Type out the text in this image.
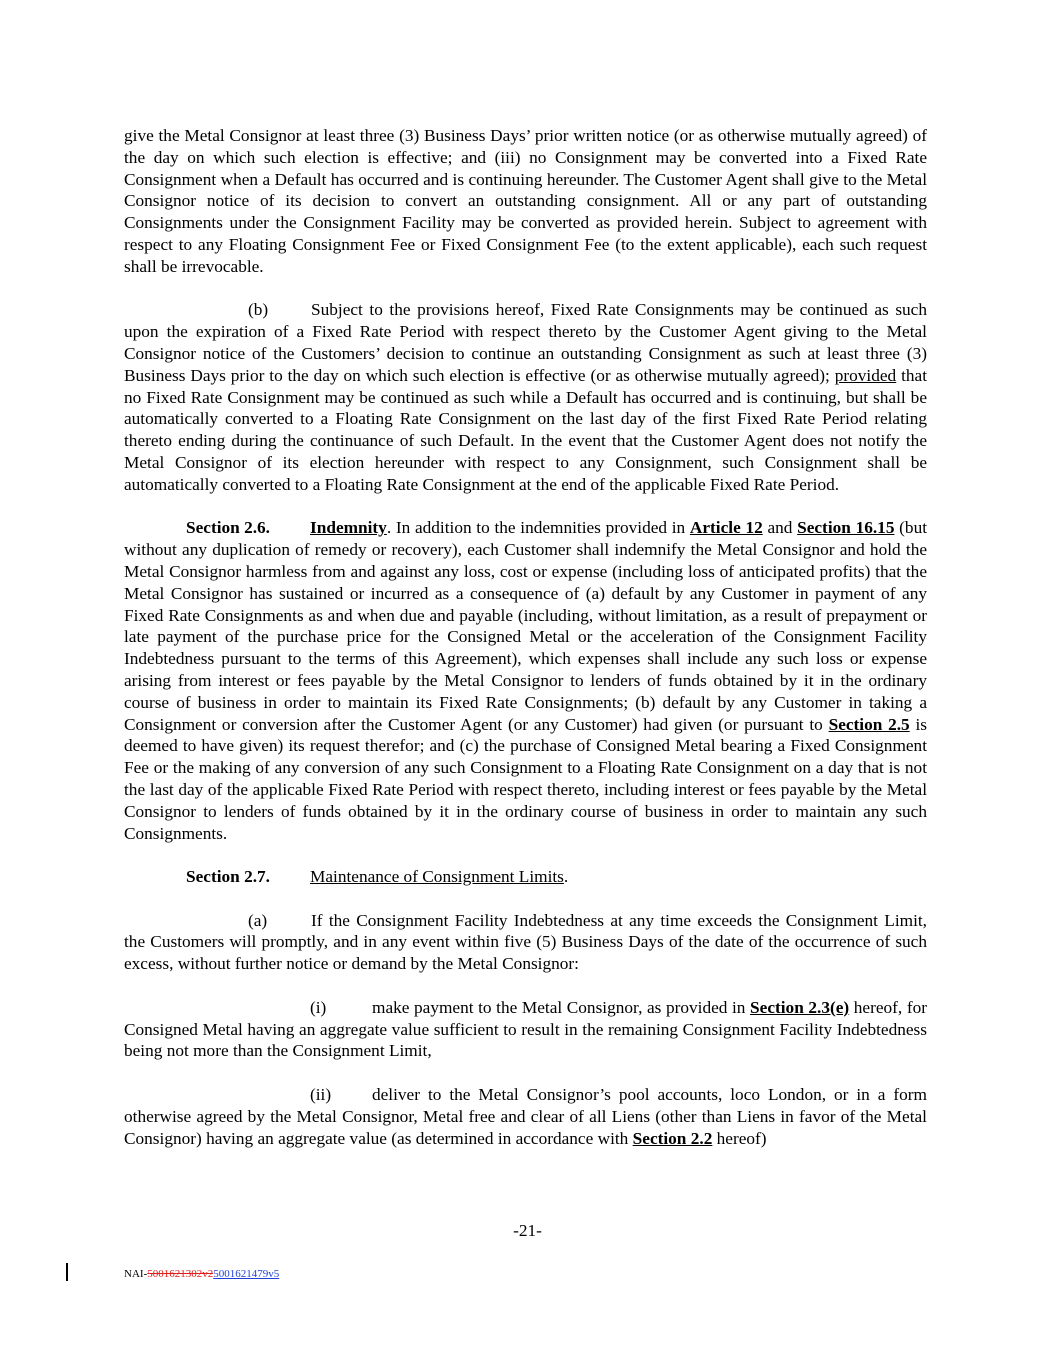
give the Metal Consignor at least three (3) Business Days’ prior written notice (or as otherwise mutually agreed) of the day on which such election is effective; and (iii) no Consignment may be converted into a Fixed Rate Consignment when a Default has occurred and is continuing hereunder. The Customer Agent shall give to the Metal Consignor notice of its decision to convert an outstanding consignment. All or any part of outstanding Consignments under the Consignment Facility may be converted as provided herein. Subject to agreement with respect to any Floating Consignment Fee or Fixed Consignment Fee (to the extent applicable), each such request shall be irrevocable.

(b) Subject to the provisions hereof, Fixed Rate Consignments may be continued as such upon the expiration of a Fixed Rate Period with respect thereto by the Customer Agent giving to the Metal Consignor notice of the Customers’ decision to continue an outstanding Consignment as such at least three (3) Business Days prior to the day on which such election is effective (or as otherwise mutually agreed); provided that no Fixed Rate Consignment may be continued as such while a Default has occurred and is continuing, but shall be automatically converted to a Floating Rate Consignment on the last day of the first Fixed Rate Period relating thereto ending during the continuance of such Default. In the event that the Customer Agent does not notify the Metal Consignor of its election hereunder with respect to any Consignment, such Consignment shall be automatically converted to a Floating Rate Consignment at the end of the applicable Fixed Rate Period.

Section 2.6. Indemnity. In addition to the indemnities provided in Article 12 and Section 16.15 (but without any duplication of remedy or recovery), each Customer shall indemnify the Metal Consignor and hold the Metal Consignor harmless from and against any loss, cost or expense (including loss of anticipated profits) that the Metal Consignor has sustained or incurred as a consequence of (a) default by any Customer in payment of any Fixed Rate Consignments as and when due and payable (including, without limitation, as a result of prepayment or late payment of the purchase price for the Consigned Metal or the acceleration of the Consignment Facility Indebtedness pursuant to the terms of this Agreement), which expenses shall include any such loss or expense arising from interest or fees payable by the Metal Consignor to lenders of funds obtained by it in the ordinary course of business in order to maintain its Fixed Rate Consignments; (b) default by any Customer in taking a Consignment or conversion after the Customer Agent (or any Customer) had given (or pursuant to Section 2.5 is deemed to have given) its request therefor; and (c) the purchase of Consigned Metal bearing a Fixed Consignment Fee or the making of any conversion of any such Consignment to a Floating Rate Consignment on a day that is not the last day of the applicable Fixed Rate Period with respect thereto, including interest or fees payable by the Metal Consignor to lenders of funds obtained by it in the ordinary course of business in order to maintain any such Consignments.

Section 2.7. Maintenance of Consignment Limits.

(a)	If the Consignment Facility Indebtedness at any time exceeds the Consignment Limit, the Customers will promptly, and in any event within five (5) Business Days of the date of the occurrence of such excess, without further notice or demand by the Metal Consignor:

(i)	make payment to the Metal Consignor, as provided in Section 2.3(e) hereof, for Consigned Metal having an aggregate value sufficient to result in the remaining Consignment Facility Indebtedness being not more than the Consignment Limit,

(ii) deliver to the Metal Consignor’s pool accounts, loco London, or in a form otherwise agreed by the Metal Consignor, Metal free and clear of all Liens (other than Liens in favor of the Metal Consignor) having an aggregate value (as determined in accordance with Section 2.2 hereof)

-21-
NAI-5001621302v25001621479v5
